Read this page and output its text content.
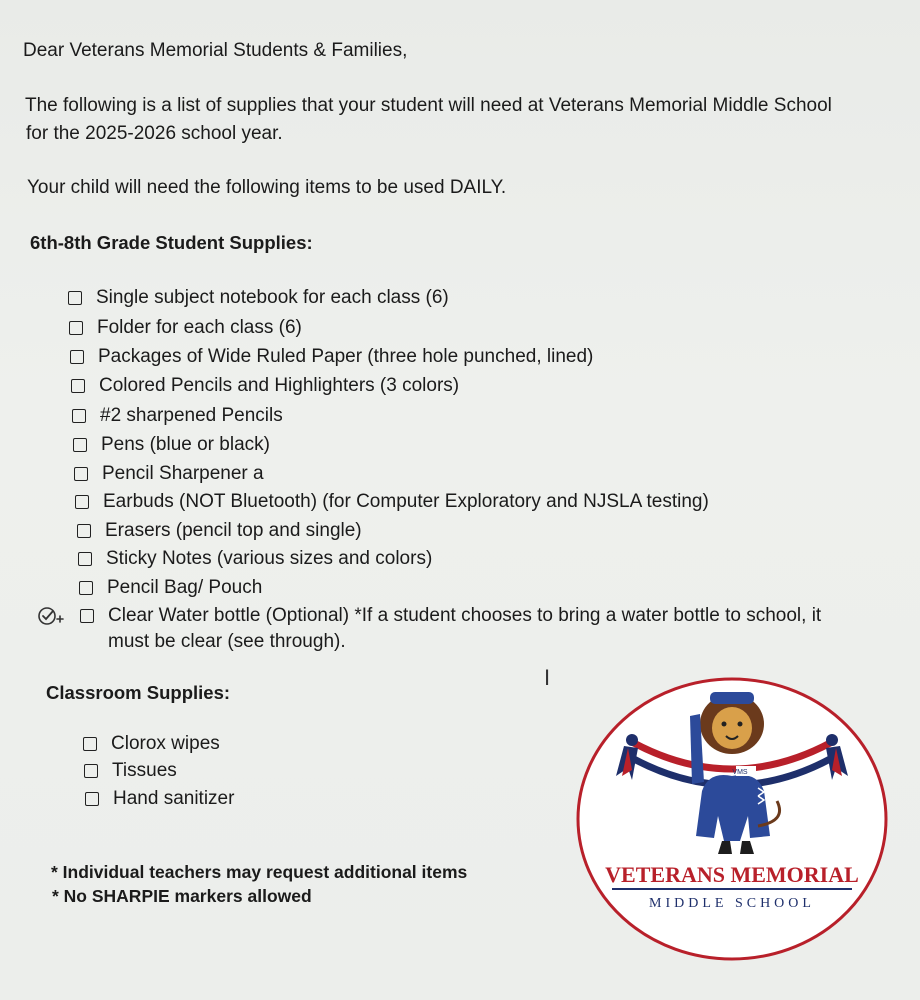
Dear Veterans Memorial Students & Families,
The following is a list of supplies that your student will need at Veterans Memorial Middle School
for the 2025-2026 school year.
Your child will need the following items to be used DAILY.
6th-8th Grade Student Supplies:
Single subject notebook for each class (6)
Folder for each class (6)
Packages of Wide Ruled Paper (three hole punched, lined)
Colored Pencils and Highlighters (3 colors)
#2 sharpened Pencils
Pens (blue or black)
Pencil Sharpener a
Earbuds (NOT Bluetooth) (for Computer Exploratory and NJSLA testing)
Erasers (pencil top and single)
Sticky Notes (various sizes and colors)
Pencil Bag/ Pouch
Clear Water bottle (Optional) *If a student chooses to bring a water bottle to school, it
must be clear (see through).
I
Classroom Supplies:
Clorox wipes
Tissues
Hand sanitizer
* Individual teachers may request additional items
* No SHARPIE markers allowed
VETERANS MEMORIAL
MIDDLE SCHOOL
VMS
